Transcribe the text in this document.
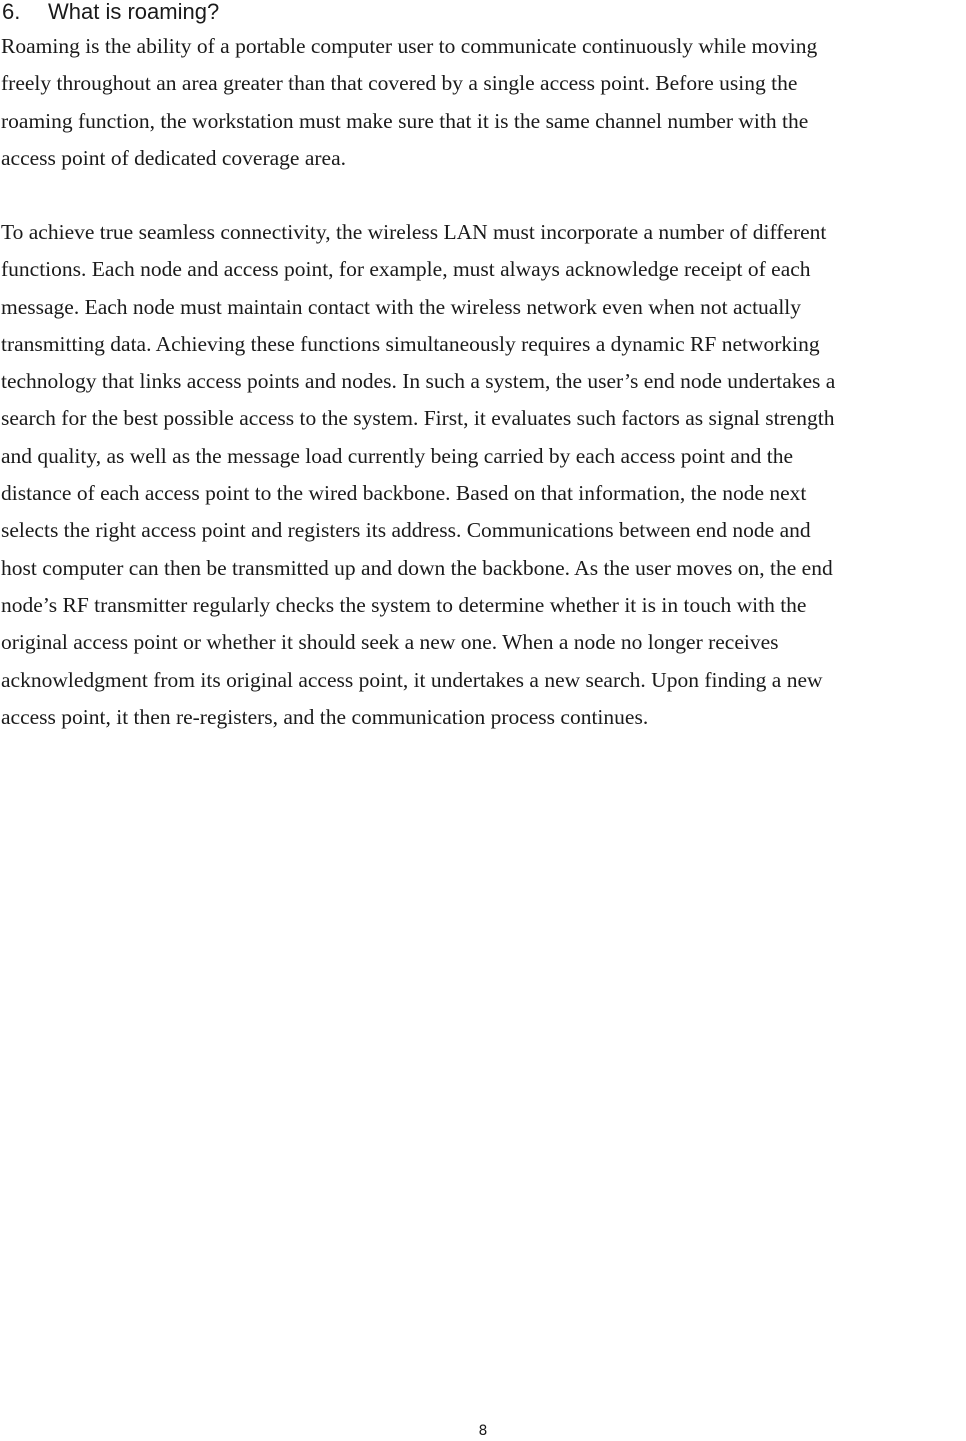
6. What is roaming?

Roaming is the ability of a portable computer user to communicate continuously while moving
freely throughout an area greater than that covered by a single access point. Before using the
roaming function, the workstation must make sure that it is the same channel number with the
access point of dedicated coverage area.

To achieve true seamless connectivity, the wireless LAN must incorporate a number of different
functions. Each node and access point, for example, must always acknowledge receipt of each
message. Each node must maintain contact with the wireless network even when not actually
transmitting data. Achieving these functions simultaneously requires a dynamic RF networking
technology that links access points and nodes. In such a system, the user’s end node undertakes a
search for the best possible access to the system. First, it evaluates such factors as signal strength
and quality, as well as the message load currently being carried by each access point and the
distance of each access point to the wired backbone. Based on that information, the node next
selects the right access point and registers its address. Communications between end node and
host computer can then be transmitted up and down the backbone. As the user moves on, the end
node’s RF transmitter regularly checks the system to determine whether it is in touch with the
original access point or whether it should seek a new one. When a node no longer receives
acknowledgment from its original access point, it undertakes a new search. Upon finding a new
access point, it then re-registers, and the communication process continues.

8
